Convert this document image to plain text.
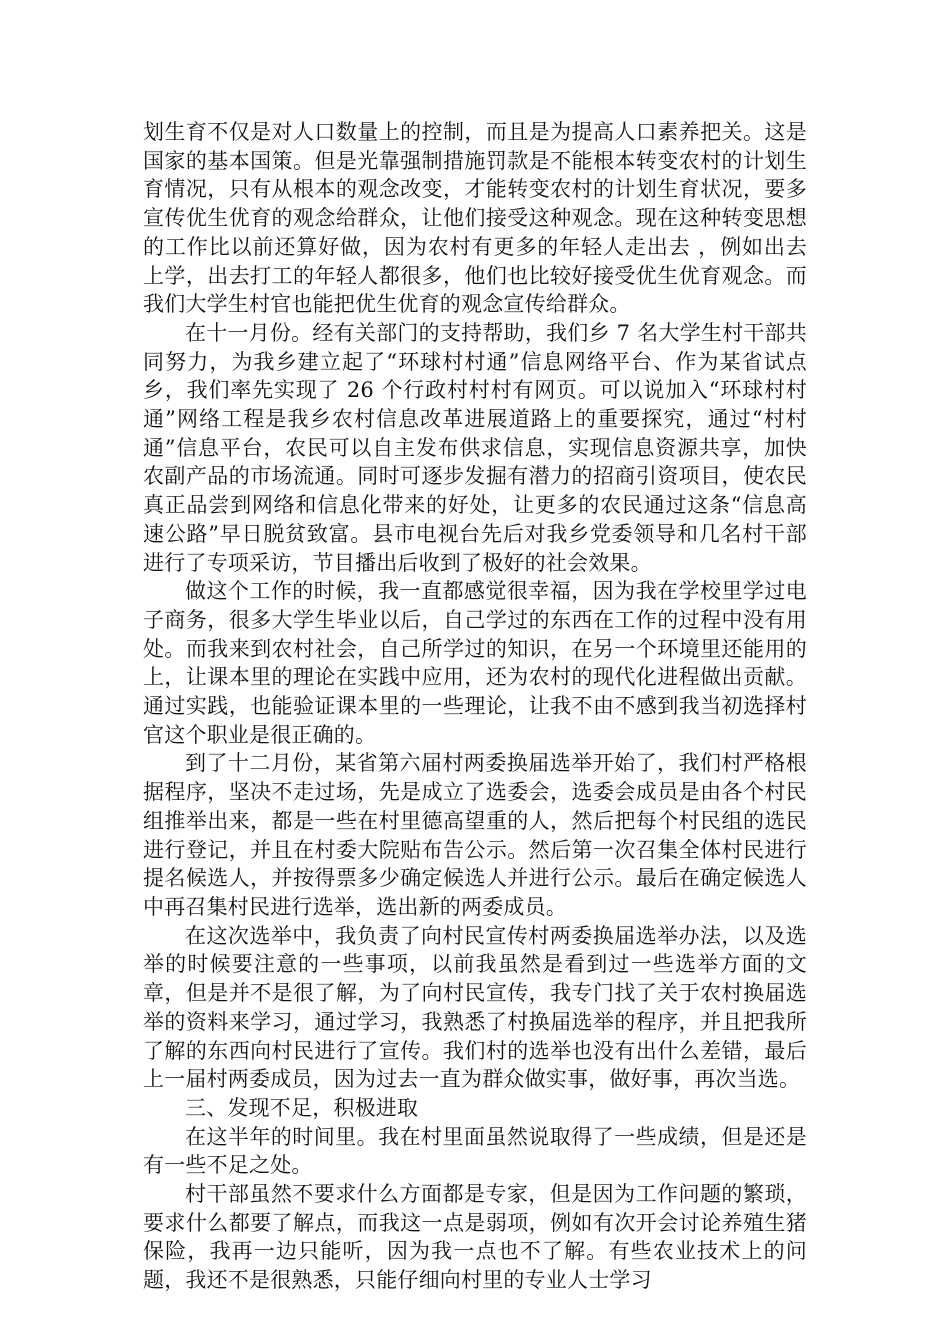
划生育不仅是对人口数量上的控制，而且是为提高人口素养把关。这是国家的基本国策。但是光靠强制措施罚款是不能根本转变农村的计划生育情况，只有从根本的观念改变，才能转变农村的计划生育状况，要多宣传优生优育的观念给群众，让他们接受这种观念。现在这种转变思想的工作比以前还算好做，因为农村有更多的年轻人走出去 ，例如出去上学，出去打工的年轻人都很多，他们也比较好接受优生优育观念。而我们大学生村官也能把优生优育的观念宣传给群众。

在十一月份。经有关部门的支持帮助，我们乡 7 名大学生村干部共同努力，为我乡建立起了“环球村村通”信息网络平台、作为某省试点乡，我们率先实现了 26 个行政村村村有网页。可以说加入“环球村村通”网络工程是我乡农村信息改革进展道路上的重要探究，通过“村村通”信息平台，农民可以自主发布供求信息，实现信息资源共享，加快农副产品的市场流通。同时可逐步发掘有潜力的招商引资项目，使农民真正品尝到网络和信息化带来的好处，让更多的农民通过这条“信息高速公路”早日脱贫致富。县市电视台先后对我乡党委领导和几名村干部进行了专项采访，节目播出后收到了极好的社会效果。

做这个工作的时候，我一直都感觉很幸福，因为我在学校里学过电子商务，很多大学生毕业以后，自己学过的东西在工作的过程中没有用处。而我来到农村社会，自己所学过的知识，在另一个环境里还能用的上，让课本里的理论在实践中应用，还为农村的现代化进程做出贡献。通过实践，也能验证课本里的一些理论，让我不由不感到我当初选择村官这个职业是很正确的。

到了十二月份，某省第六届村两委换届选举开始了，我们村严格根据程序，坚决不走过场，先是成立了选委会，选委会成员是由各个村民组推举出来，都是一些在村里德高望重的人，然后把每个村民组的选民进行登记，并且在村委大院贴布告公示。然后第一次召集全体村民进行提名候选人，并按得票多少确定候选人并进行公示。最后在确定候选人中再召集村民进行选举，选出新的两委成员。

在这次选举中，我负责了向村民宣传村两委换届选举办法，以及选举的时候要注意的一些事项，以前我虽然是看到过一些选举方面的文章，但是并不是很了解，为了向村民宣传，我专门找了关于农村换届选举的资料来学习，通过学习，我熟悉了村换届选举的程序，并且把我所了解的东西向村民进行了宣传。我们村的选举也没有出什么差错，最后上一届村两委成员，因为过去一直为群众做实事，做好事，再次当选。

三、发现不足，积极进取

在这半年的时间里。我在村里面虽然说取得了一些成绩，但是还是有一些不足之处。

村干部虽然不要求什么方面都是专家，但是因为工作问题的繁琐，要求什么都要了解点，而我这一点是弱项，例如有次开会讨论养殖生猪保险，我再一边只能听，因为我一点也不了解。有些农业技术上的问题，我还不是很熟悉，只能仔细向村里的专业人士学习
